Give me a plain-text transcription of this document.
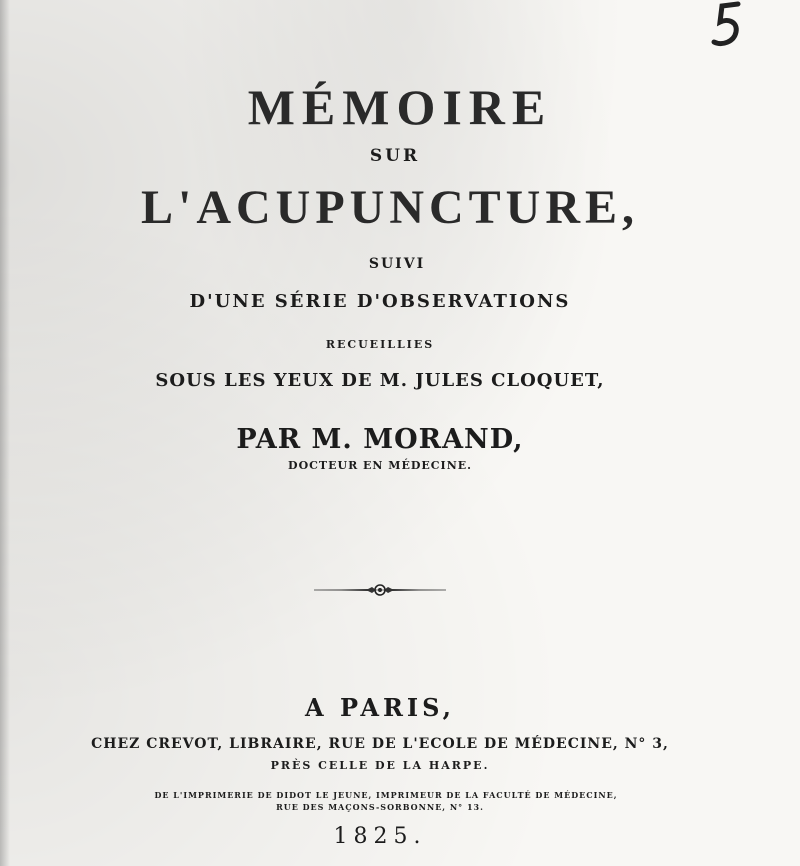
MÉMOIRE
SUR
L'ACUPUNCTURE,
SUIVI
D'UNE SÉRIE D'OBSERVATIONS
RECUEILLIES
SOUS LES YEUX DE M. JULES CLOQUET,
PAR M. MORAND,
DOCTEUR EN MÉDECINE.
A PARIS,
CHEZ CREVOT, LIBRAIRE, RUE DE L'ECOLE DE MÉDECINE, N° 3,
PRÈS CELLE DE LA HARPE.
DE L'IMPRIMERIE DE DIDOT LE JEUNE, IMPRIMEUR DE LA FACULTÉ DE MÉDECINE,
RUE DES MAÇONS-SORBONNE, N° 13.
1825.
